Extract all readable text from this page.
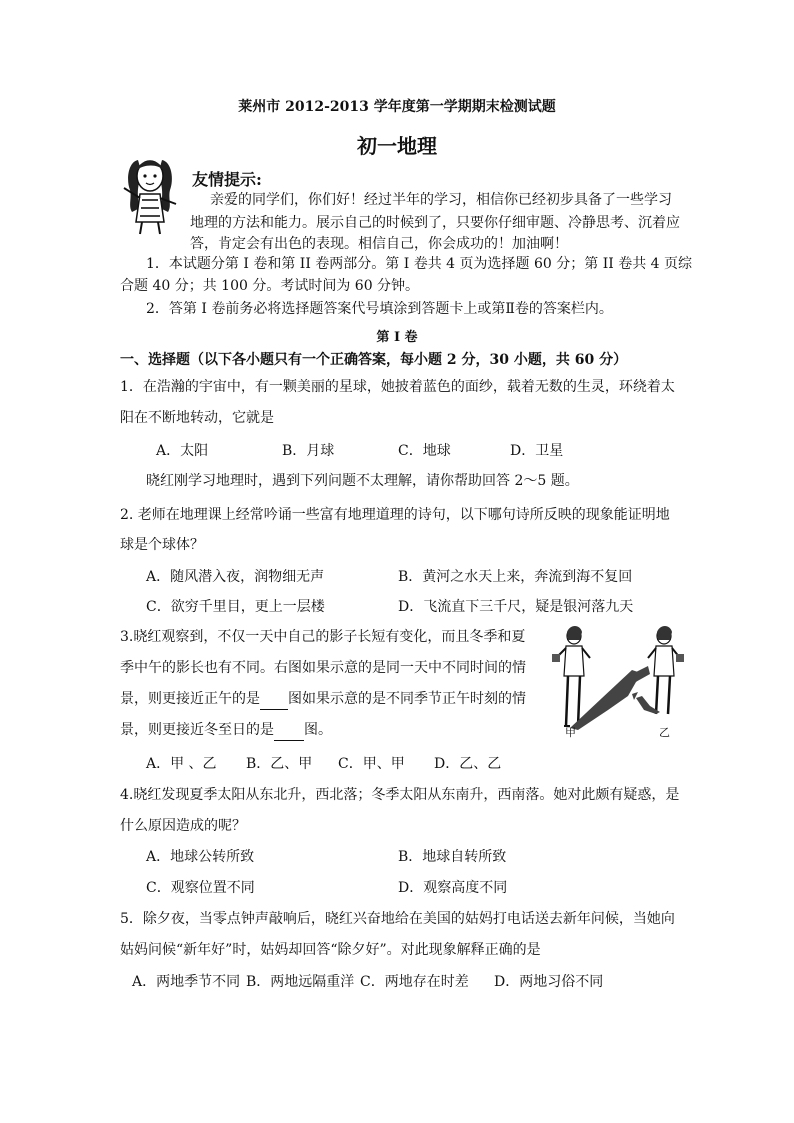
莱州市 2012-2013 学年度第一学期期末检测试题
初一地理
友情提示:
亲爱的同学们，你们好！经过半年的学习，相信你已经初步具备了一些学习
地理的方法和能力。展示自己的时候到了，只要你仔细审题、冷静思考、沉着应
答，肯定会有出色的表现。相信自己，你会成功的！加油啊！
1．本试题分第 I 卷和第 II 卷两部分。第 I 卷共 4 页为选择题 60 分；第 II 卷共 4 页综
合题 40 分；共 100 分。考试时间为 60 分钟。
2．答第 I 卷前务必将选择题答案代号填涂到答题卡上或第Ⅱ卷的答案栏内。
第 I 卷
一、选择题（以下各小题只有一个正确答案，每小题 2 分，30 小题，共 60 分）
1．在浩瀚的宇宙中，有一颗美丽的星球，她披着蓝色的面纱，载着无数的生灵，环绕着太
阳在不断地转动，它就是
A．太阳	B．月球	C．地球	D．卫星
晓红刚学习地理时，遇到下列问题不太理解，请你帮助回答 2～5 题。
2. 老师在地理课上经常吟诵一些富有地理道理的诗句，以下哪句诗所反映的现象能证明地
球是个球体？
A．随风潜入夜，润物细无声	B．黄河之水天上来，奔流到海不复回
C．欲穷千里目，更上一层楼	D．飞流直下三千尺，疑是银河落九天
3.晓红观察到，不仅一天中自己的影子长短有变化，而且冬季和夏
季中午的影长也有不同。右图如果示意的是同一天中不同时间的情
景，则更接近正午的是 图如果示意的是不同季节正午时刻的情
景，则更接近冬至日的是 图。
A．甲 、乙 B．乙、甲 C．甲、甲 D．乙、乙
甲	乙
4.晓红发现夏季太阳从东北升，西北落；冬季太阳从东南升，西南落。她对此颇有疑惑，是
什么原因造成的呢？
A．地球公转所致	B．地球自转所致
C．观察位置不同	D．观察高度不同
5．除夕夜，当零点钟声敲响后，晓红兴奋地给在美国的姑妈打电话送去新年问候，当她向
姑妈问候“新年好”时，姑妈却回答“除夕好”。对此现象解释正确的是
A．两地季节不同 B．两地远隔重洋 C．两地存在时差 D．两地习俗不同
